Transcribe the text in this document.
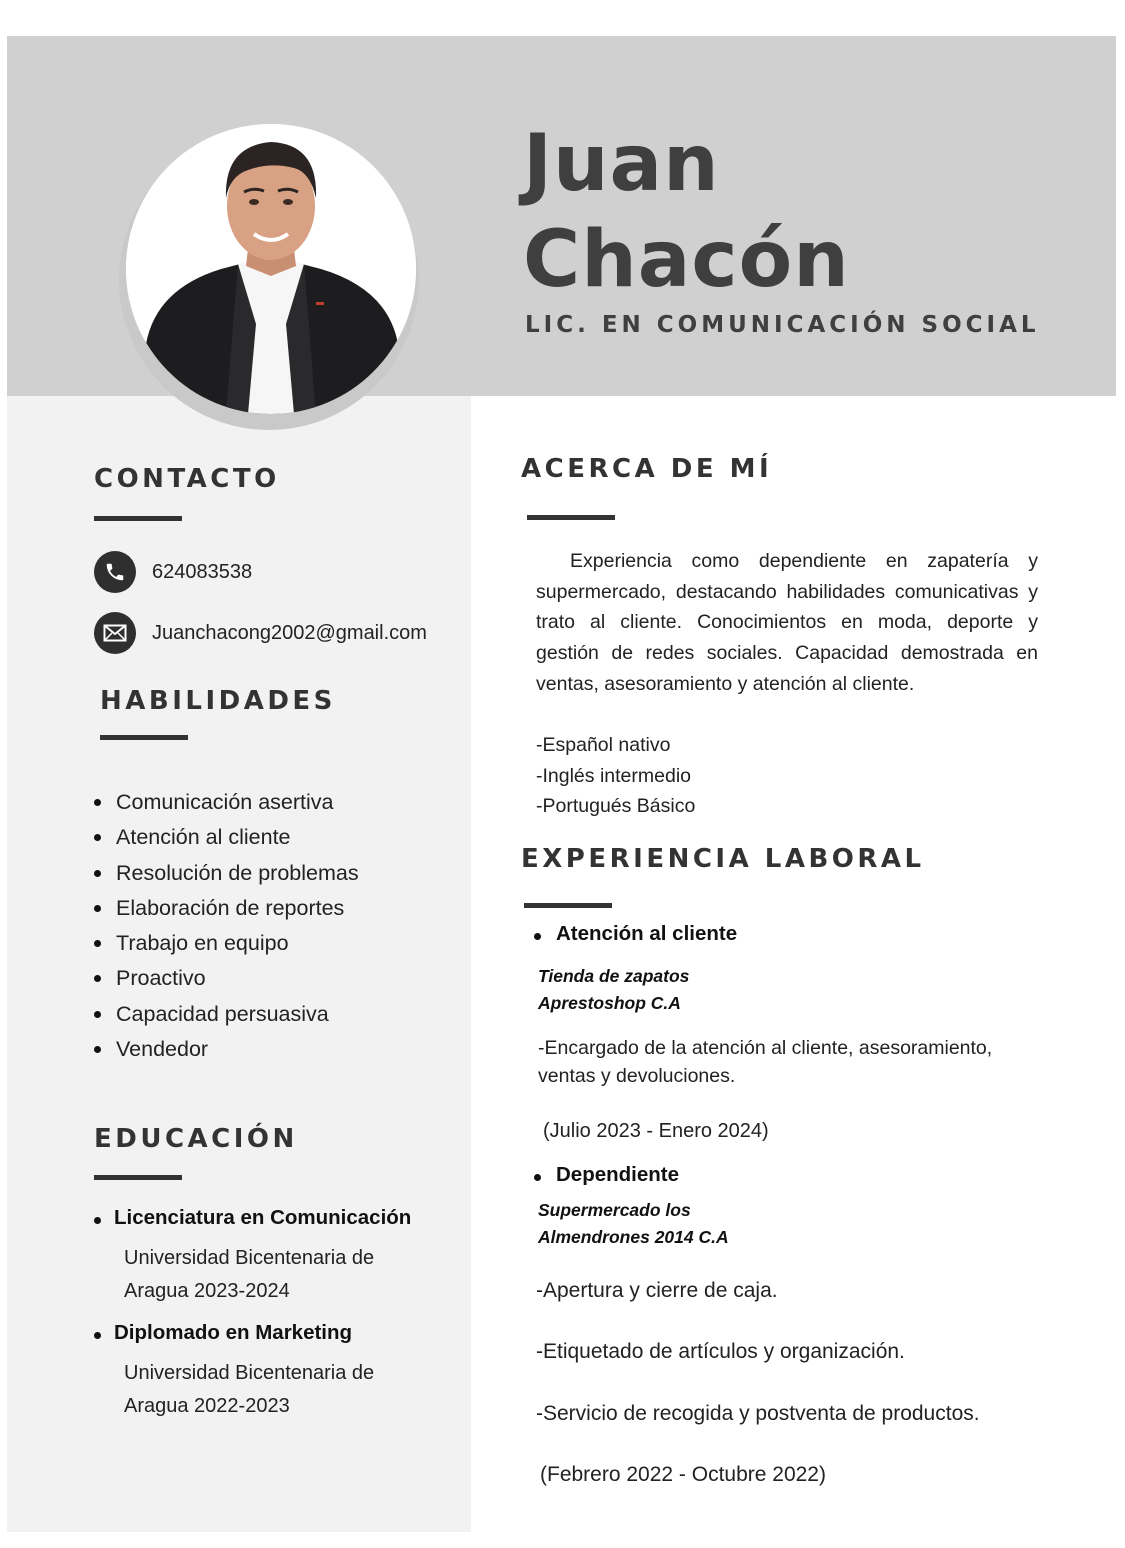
Juan
Chacón
LIC. EN COMUNICACIÓN SOCIAL
CONTACTO
624083538
Juanchacong2002@gmail.com
HABILIDADES
Comunicación asertiva
Atención al cliente
Resolución de problemas
Elaboración de reportes
Trabajo en equipo
Proactivo
Capacidad persuasiva
Vendedor
EDUCACIÓN
Licenciatura en Comunicación
Universidad Bicentenaria de
Aragua 2023-2024
Diplomado en Marketing
Universidad Bicentenaria de
Aragua 2022-2023
ACERCA DE MÍ

Experiencia como dependiente en zapatería y supermercado, destacando habilidades comunicativas y trato al cliente. Conocimientos en moda, deporte y gestión de redes sociales. Capacidad demostrada en ventas, asesoramiento y atención al cliente.

-Español nativo
-Inglés intermedio
-Portugués Básico
EXPERIENCIA LABORAL
Atención al cliente
Tienda de zapatos
Aprestoshop C.A
-Encargado de la atención al cliente, asesoramiento,
ventas y devoluciones.
(Julio 2023 - Enero 2024)
Dependiente
Supermercado los
Almendrones 2014 C.A
-Apertura y cierre de caja.
-Etiquetado de artículos y organización.
-Servicio de recogida y postventa de productos.
(Febrero 2022 - Octubre 2022)
